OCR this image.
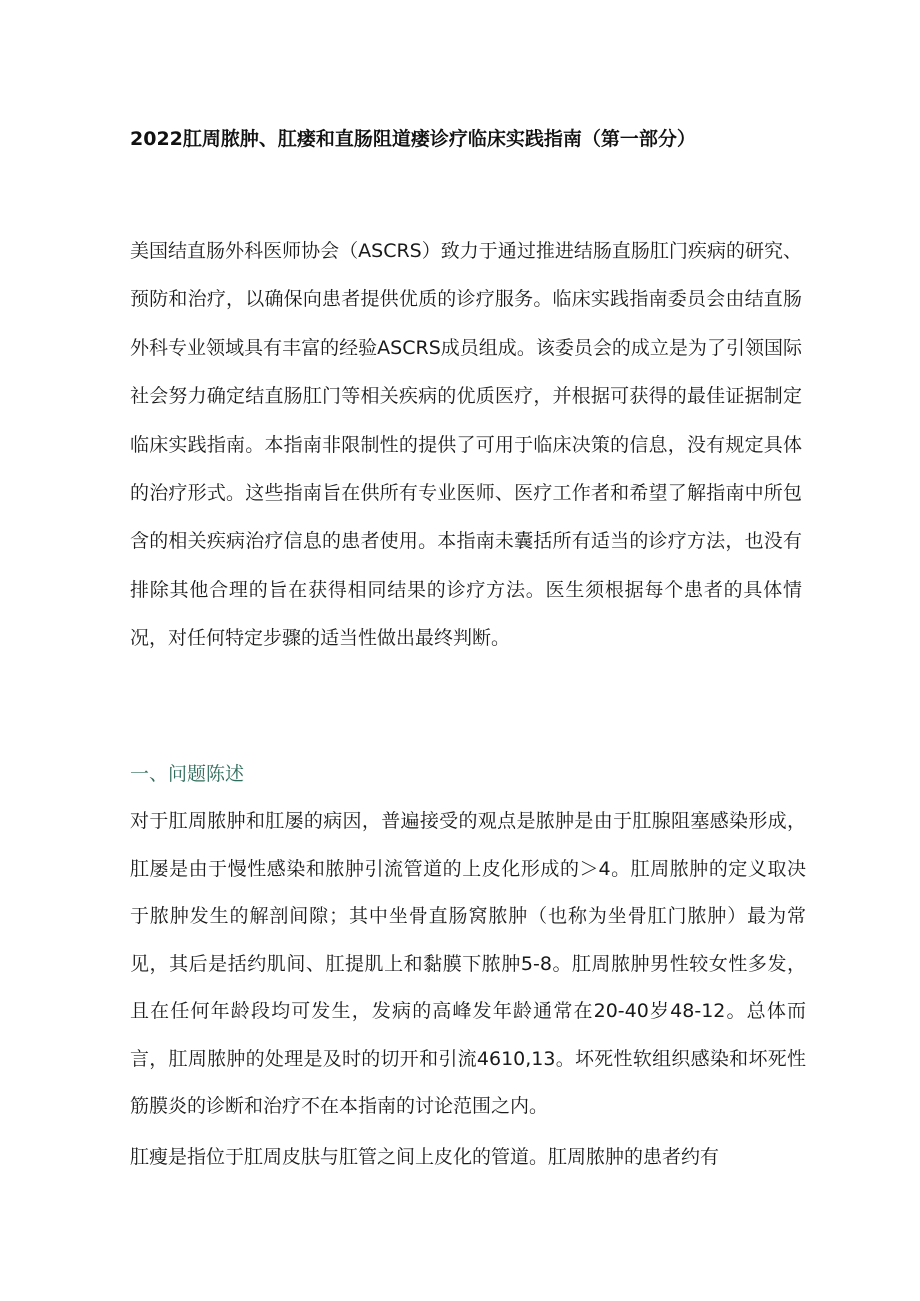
2022肛周脓肿、肛瘘和直肠阻道瘘诊疗临床实践指南（第一部分）

美国结直肠外科医师协会（ASCRS）致力于通过推进结肠直肠肛门疾病的研究、预防和治疗，以确保向患者提供优质的诊疗服务。临床实践指南委员会由结直肠外科专业领域具有丰富的经验ASCRS成员组成。该委员会的成立是为了引领国际社会努力确定结直肠肛门等相关疾病的优质医疗，并根据可获得的最佳证据制定临床实践指南。本指南非限制性的提供了可用于临床决策的信息，没有规定具体的治疗形式。这些指南旨在供所有专业医师、医疗工作者和希望了解指南中所包含的相关疾病治疗信息的患者使用。本指南未囊括所有适当的诊疗方法，也没有排除其他合理的旨在获得相同结果的诊疗方法。医生须根据每个患者的具体情况，对任何特定步骤的适当性做出最终判断。

一、问题陈述

对于肛周脓肿和肛屡的病因，普遍接受的观点是脓肿是由于肛腺阻塞感染形成，肛屡是由于慢性感染和脓肿引流管道的上皮化形成的＞4。肛周脓肿的定义取决于脓肿发生的解剖间隙；其中坐骨直肠窝脓肿（也称为坐骨肛门脓肿）最为常见，其后是括约肌间、肛提肌上和黏膜下脓肿5-8。肛周脓肿男性较女性多发，且在任何年龄段均可发生，发病的高峰发年龄通常在20-40岁48-12。总体而言，肛周脓肿的处理是及时的切开和引流4610,13。坏死性软组织感染和坏死性筋膜炎的诊断和治疗不在本指南的讨论范围之内。

肛瘦是指位于肛周皮肤与肛管之间上皮化的管道。肛周脓肿的患者约有
